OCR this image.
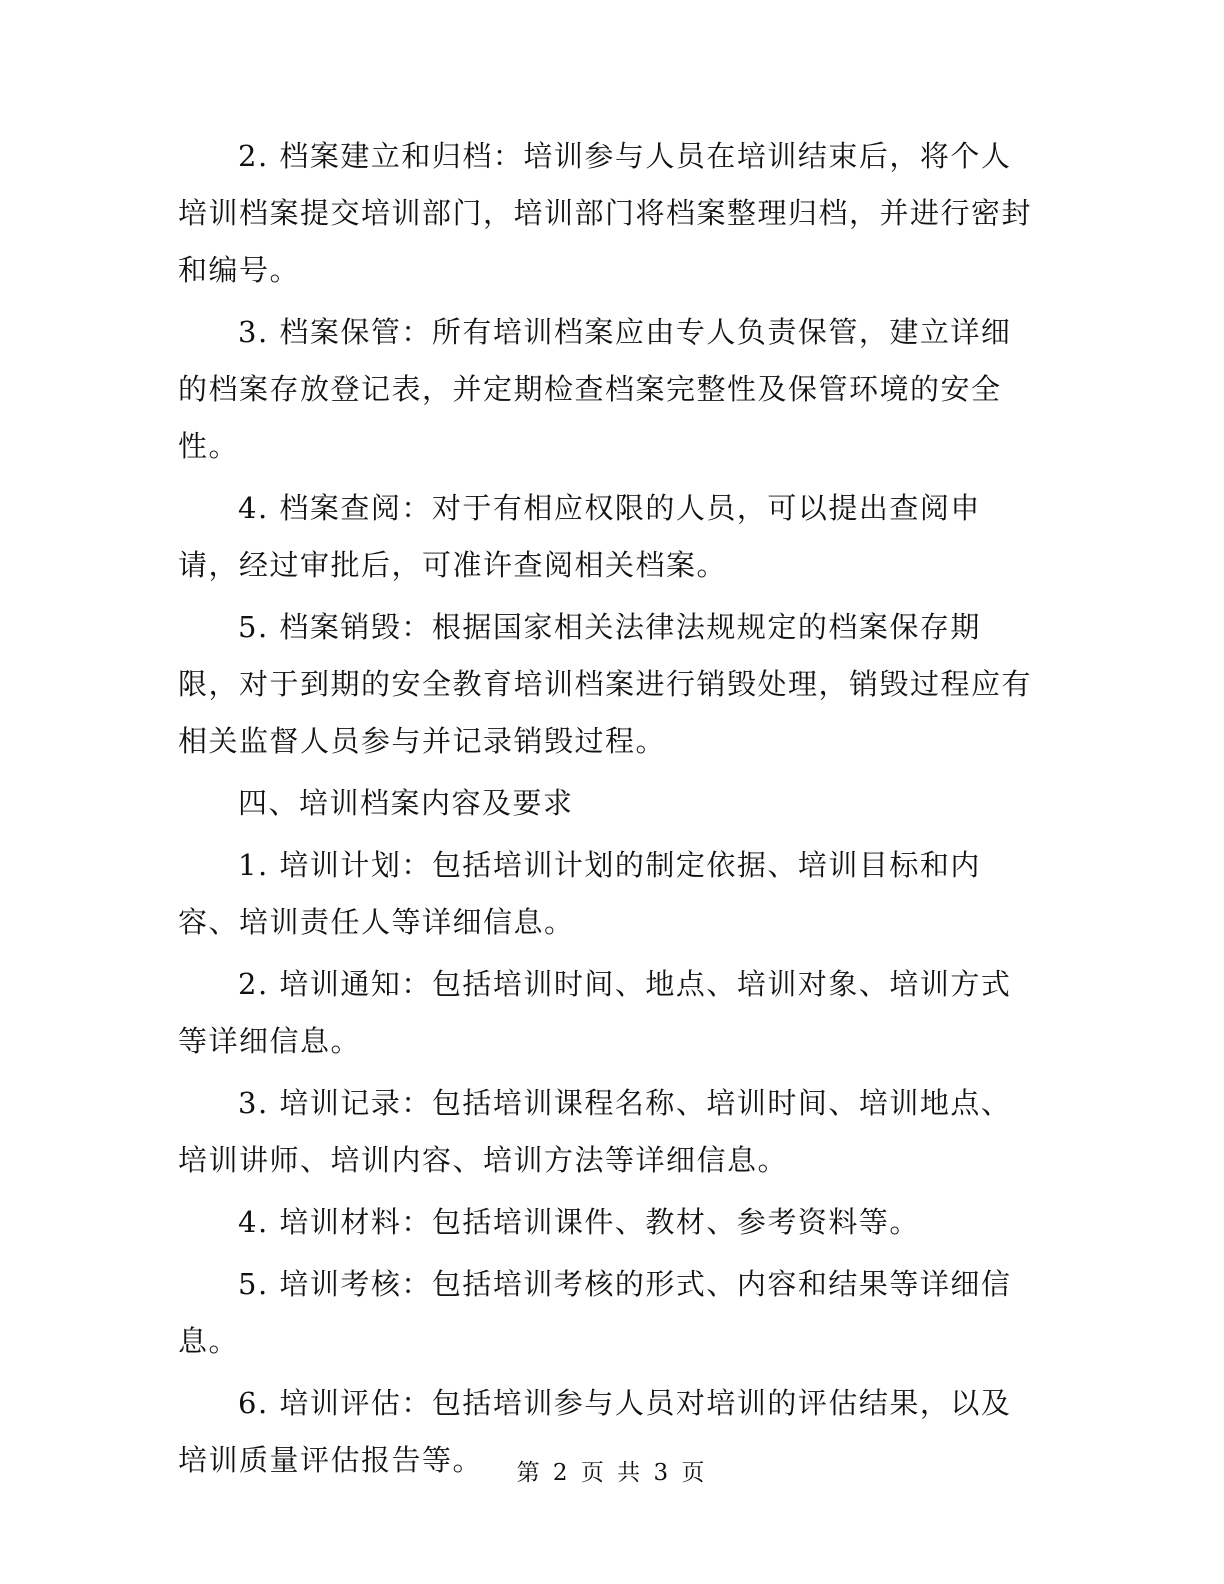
2. 档案建立和归档：培训参与人员在培训结束后，将个人培训档案提交培训部门，培训部门将档案整理归档，并进行密封和编号。

3. 档案保管：所有培训档案应由专人负责保管，建立详细的档案存放登记表，并定期检查档案完整性及保管环境的安全性。

4. 档案查阅：对于有相应权限的人员，可以提出查阅申请，经过审批后，可准许查阅相关档案。

5. 档案销毁：根据国家相关法律法规规定的档案保存期限，对于到期的安全教育培训档案进行销毁处理，销毁过程应有相关监督人员参与并记录销毁过程。

四、培训档案内容及要求

1. 培训计划：包括培训计划的制定依据、培训目标和内容、培训责任人等详细信息。

2. 培训通知：包括培训时间、地点、培训对象、培训方式等详细信息。

3. 培训记录：包括培训课程名称、培训时间、培训地点、培训讲师、培训内容、培训方法等详细信息。

4. 培训材料：包括培训课件、教材、参考资料等。

5. 培训考核：包括培训考核的形式、内容和结果等详细信息。

6. 培训评估：包括培训参与人员对培训的评估结果，以及培训质量评估报告等。	第 2 页 共 3 页
